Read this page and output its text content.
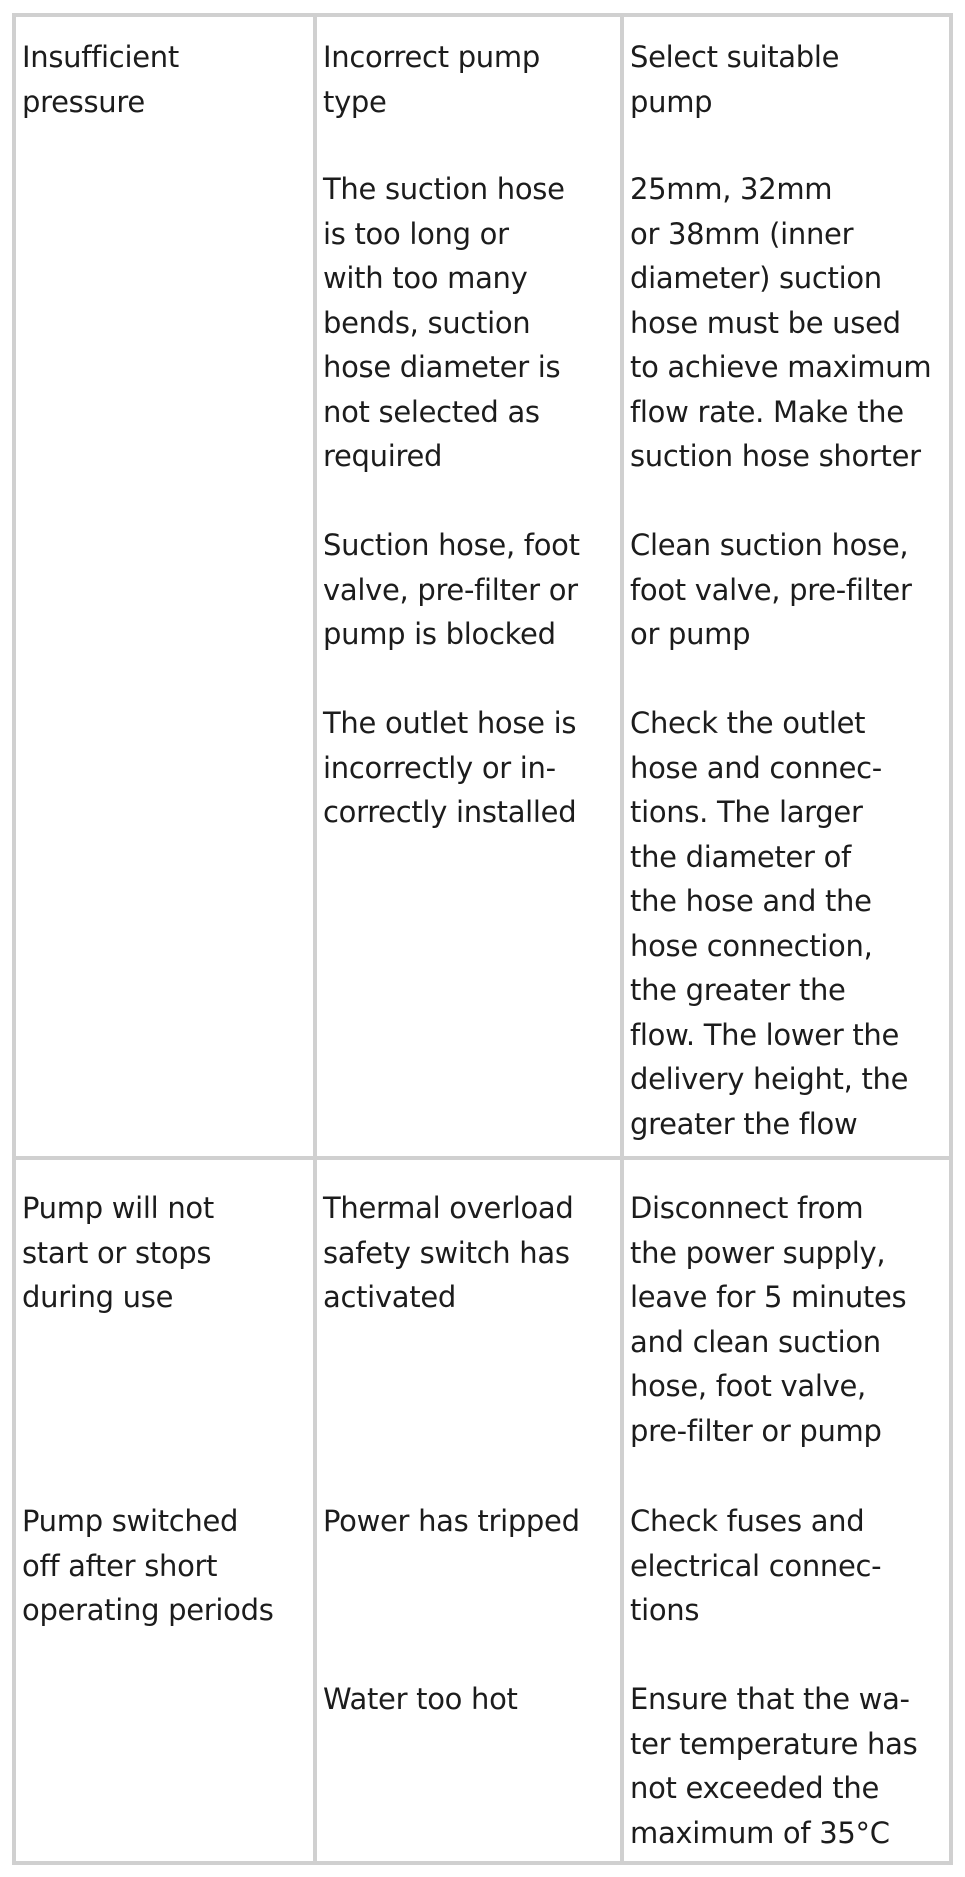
Insufficient
pressure

Incorrect pump
type

Select suitable
pump

The suction hose
is too long or
with too many
bends, suction
hose diameter is
not selected as
required

25mm, 32mm
or 38mm (inner
diameter) suction
hose must be used
to achieve maximum
flow rate. Make the
suction hose shorter

Suction hose, foot
valve, pre-filter or
pump is blocked

Clean suction hose,
foot valve, pre-filter
or pump

The outlet hose is
incorrectly or in-
correctly installed

Check the outlet
hose and connec-
tions. The larger
the diameter of
the hose and the
hose connection,
the greater the
flow. The lower the
delivery height, the
greater the flow

Pump will not
start or stops
during use

Thermal overload
safety switch has
activated

Disconnect from
the power supply,
leave for 5 minutes
and clean suction
hose, foot valve,
pre-filter or pump

Pump switched
off after short
operating periods

Power has tripped	Check fuses and
electrical connec-
tions

Water too hot	Ensure that the wa-
ter temperature has
not exceeded the
maximum of 35°C
